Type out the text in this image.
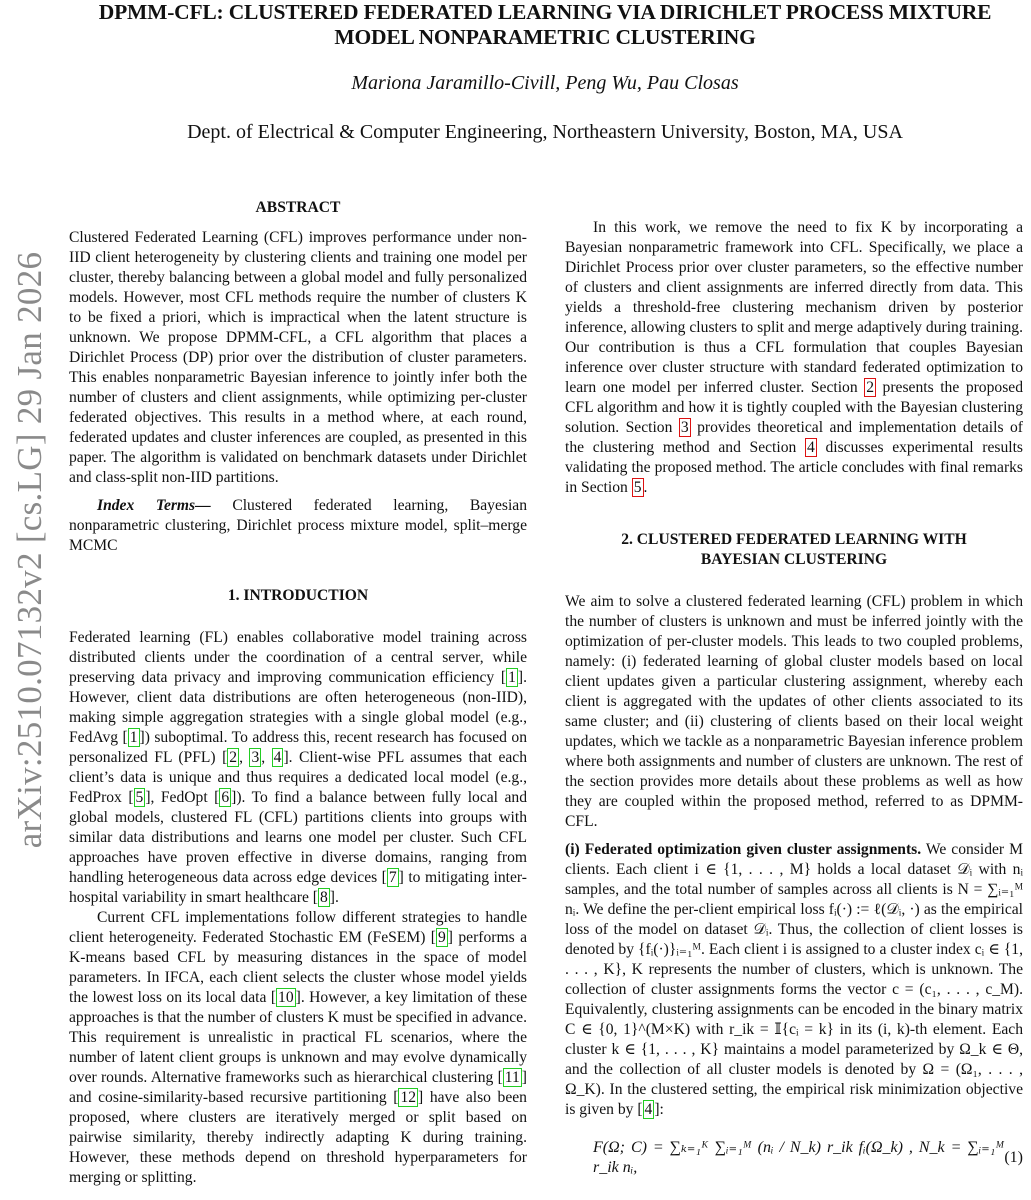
arXiv:2510.07132v2 [cs.LG] 29 Jan 2026
DPMM-CFL: CLUSTERED FEDERATED LEARNING VIA DIRICHLET PROCESS MIXTURE
MODEL NONPARAMETRIC CLUSTERING
Mariona Jaramillo-Civill, Peng Wu, Pau Closas
Dept. of Electrical & Computer Engineering, Northeastern University, Boston, MA, USA
ABSTRACT

Clustered Federated Learning (CFL) improves performance under non-IID client heterogeneity by clustering clients and training one model per cluster, thereby balancing between a global model and fully personalized models. However, most CFL methods require the number of clusters K to be fixed a priori, which is impractical when the latent structure is unknown. We propose DPMM-CFL, a CFL algorithm that places a Dirichlet Process (DP) prior over the distribution of cluster parameters. This enables nonparametric Bayesian inference to jointly infer both the number of clusters and client assignments, while optimizing per-cluster federated objectives. This results in a method where, at each round, federated updates and cluster inferences are coupled, as presented in this paper. The algorithm is validated on benchmark datasets under Dirichlet and class-split non-IID partitions.

Index Terms— Clustered federated learning, Bayesian nonparametric clustering, Dirichlet process mixture model, split–merge MCMC

1. INTRODUCTION

Federated learning (FL) enables collaborative model training across distributed clients under the coordination of a central server, while preserving data privacy and improving communication efficiency [ 1 ]. However, client data distributions are often heterogeneous (non-IID), making simple aggregation strategies with a single global model (e.g., FedAvg [ 1 ]) suboptimal. To address this, recent research has focused on personalized FL (PFL) [ 2 , 3 , 4 ]. Client-wise PFL assumes that each client’s data is unique and thus requires a dedicated local model (e.g., FedProx [ 5 ], FedOpt [ 6 ]). To find a balance between fully local and global models, clustered FL (CFL) partitions clients into groups with similar data distributions and learns one model per cluster. Such CFL approaches have proven effective in diverse domains, ranging from handling heterogeneous data across edge devices [ 7 ] to mitigating inter-hospital variability in smart healthcare [ 8 ].

Current CFL implementations follow different strategies to handle client heterogeneity. Federated Stochastic EM (FeSEM) [ 9 ] performs a K-means based CFL by measuring distances in the space of model parameters. In IFCA, each client selects the cluster whose model yields the lowest loss on its local data [ 10 ]. However, a key limitation of these approaches is that the number of clusters K must be specified in advance. This requirement is unrealistic in practical FL scenarios, where the number of latent client groups is unknown and may evolve dynamically over rounds. Alternative frameworks such as hierarchical clustering [ 11 ] and cosine-similarity-based recursive partitioning [ 12 ] have also been proposed, where clusters are iteratively merged or split based on pairwise similarity, thereby indirectly adapting K during training. However, these methods depend on threshold hyperparameters for merging or splitting.

In this work, we remove the need to fix K by incorporating a Bayesian nonparametric framework into CFL. Specifically, we place a Dirichlet Process prior over cluster parameters, so the effective number of clusters and client assignments are inferred directly from data. This yields a threshold-free clustering mechanism driven by posterior inference, allowing clusters to split and merge adaptively during training. Our contribution is thus a CFL formulation that couples Bayesian inference over cluster structure with standard federated optimization to learn one model per inferred cluster. Section 2 presents the proposed CFL algorithm and how it is tightly coupled with the Bayesian clustering solution. Section 3 provides theoretical and implementation details of the clustering method and Section 4 discusses experimental results validating the proposed method. The article concludes with final remarks in Section 5 .

2. CLUSTERED FEDERATED LEARNING WITH
BAYESIAN CLUSTERING

We aim to solve a clustered federated learning (CFL) problem in which the number of clusters is unknown and must be inferred jointly with the optimization of per-cluster models. This leads to two coupled problems, namely: (i) federated learning of global cluster models based on local client updates given a particular clustering assignment, whereby each client is aggregated with the updates of other clients associated to its same cluster; and (ii) clustering of clients based on their local weight updates, which we tackle as a nonparametric Bayesian inference problem where both assignments and number of clusters are unknown. The rest of the section provides more details about these problems as well as how they are coupled within the proposed method, referred to as DPMM-CFL.

(i) Federated optimization given cluster assignments. We consider M clients. Each client i ∈ {1, . . . , M} holds a local dataset 𝒟ᵢ with nᵢ samples, and the total number of samples across all clients is N = ∑ᵢ₌₁ᴹ nᵢ. We define the per-client empirical loss fᵢ(·) := ℓ(𝒟ᵢ, ·) as the empirical loss of the model on dataset 𝒟ᵢ. Thus, the collection of client losses is denoted by {fᵢ(·)}ᵢ₌₁ᴹ. Each client i is assigned to a cluster index cᵢ ∈ {1, . . . , K}, K represents the number of clusters, which is unknown. The collection of cluster assignments forms the vector c = (c₁, . . . , c_M). Equivalently, clustering assignments can be encoded in the binary matrix C ∈ {0, 1}^(M×K) with r_ik = 𝕀{cᵢ = k} in its (i, k)-th element. Each cluster k ∈ {1, . . . , K} maintains a model parameterized by Ω_k ∈ Θ, and the collection of all cluster models is denoted by Ω = (Ω₁, . . . , Ω_K). In the clustered setting, the empirical risk minimization objective is given by [ 4 ]:

F(Ω; C) = ∑ₖ₌₁ᴷ ∑ᵢ₌₁ᴹ (nᵢ / N_k) r_ik fᵢ(Ω_k) , N_k = ∑ᵢ₌₁ᴹ r_ik nᵢ,
(1)
